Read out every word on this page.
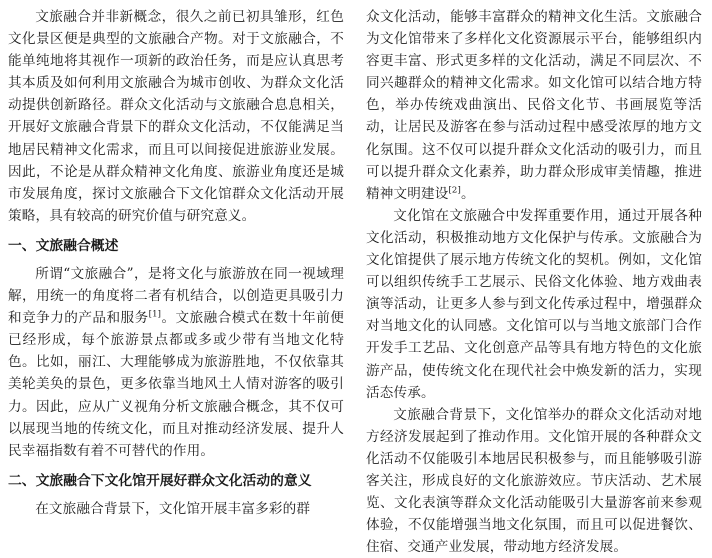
文旅融合并非新概念，很久之前已初具雏形，红色文化景区便是典型的文旅融合产物。对于文旅融合，不能单纯地将其视作一项新的政治任务，而是应认真思考其本质及如何利用文旅融合为城市创收、为群众文化活动提供创新路径。群众文化活动与文旅融合息息相关，开展好文旅融合背景下的群众文化活动，不仅能满足当地居民精神文化需求，而且可以间接促进旅游业发展。因此，不论是从群众精神文化角度、旅游业角度还是城市发展角度，探讨文旅融合下文化馆群众文化活动开展策略，具有较高的研究价值与研究意义。

一、文旅融合概述

所谓“文旅融合”，是将文化与旅游放在同一视域理解，用统一的角度将二者有机结合，以创造更具吸引力和竞争力的产品和服务[1]。文旅融合模式在数十年前便已经形成，每个旅游景点都或多或少带有当地文化特色。比如，丽江、大理能够成为旅游胜地，不仅依靠其美轮美奂的景色，更多依靠当地风土人情对游客的吸引力。因此，应从广义视角分析文旅融合概念，其不仅可以展现当地的传统文化，而且对推动经济发展、提升人民幸福指数有着不可替代的作用。

二、文旅融合下文化馆开展好群众文化活动的意义

在文旅融合背景下，文化馆开展丰富多彩的群

众文化活动，能够丰富群众的精神文化生活。文旅融合为文化馆带来了多样化文化资源展示平台，能够组织内容更丰富、形式更多样的文化活动，满足不同层次、不同兴趣群众的精神文化需求。如文化馆可以结合地方特色，举办传统戏曲演出、民俗文化节、书画展览等活动，让居民及游客在参与活动过程中感受浓厚的地方文化氛围。这不仅可以提升群众文化活动的吸引力，而且可以提升群众文化素养，助力群众形成审美情趣，推进精神文明建设[2]。

文化馆在文旅融合中发挥重要作用，通过开展各种文化活动，积极推动地方文化保护与传承。文旅融合为文化馆提供了展示地方传统文化的契机。例如，文化馆可以组织传统手工艺展示、民俗文化体验、地方戏曲表演等活动，让更多人参与到文化传承过程中，增强群众对当地文化的认同感。文化馆可以与当地文旅部门合作开发手工艺品、文化创意产品等具有地方特色的文化旅游产品，使传统文化在现代社会中焕发新的活力，实现活态传承。

文旅融合背景下，文化馆举办的群众文化活动对地方经济发展起到了推动作用。文化馆开展的各种群众文化活动不仅能吸引本地居民积极参与，而且能够吸引游客关注，形成良好的文化旅游效应。节庆活动、艺术展览、文化表演等群众文化活动能吸引大量游客前来参观体验，不仅能增强当地文化氛围，而且可以促进餐饮、住宿、交通产业发展，带动地方经济发展。
